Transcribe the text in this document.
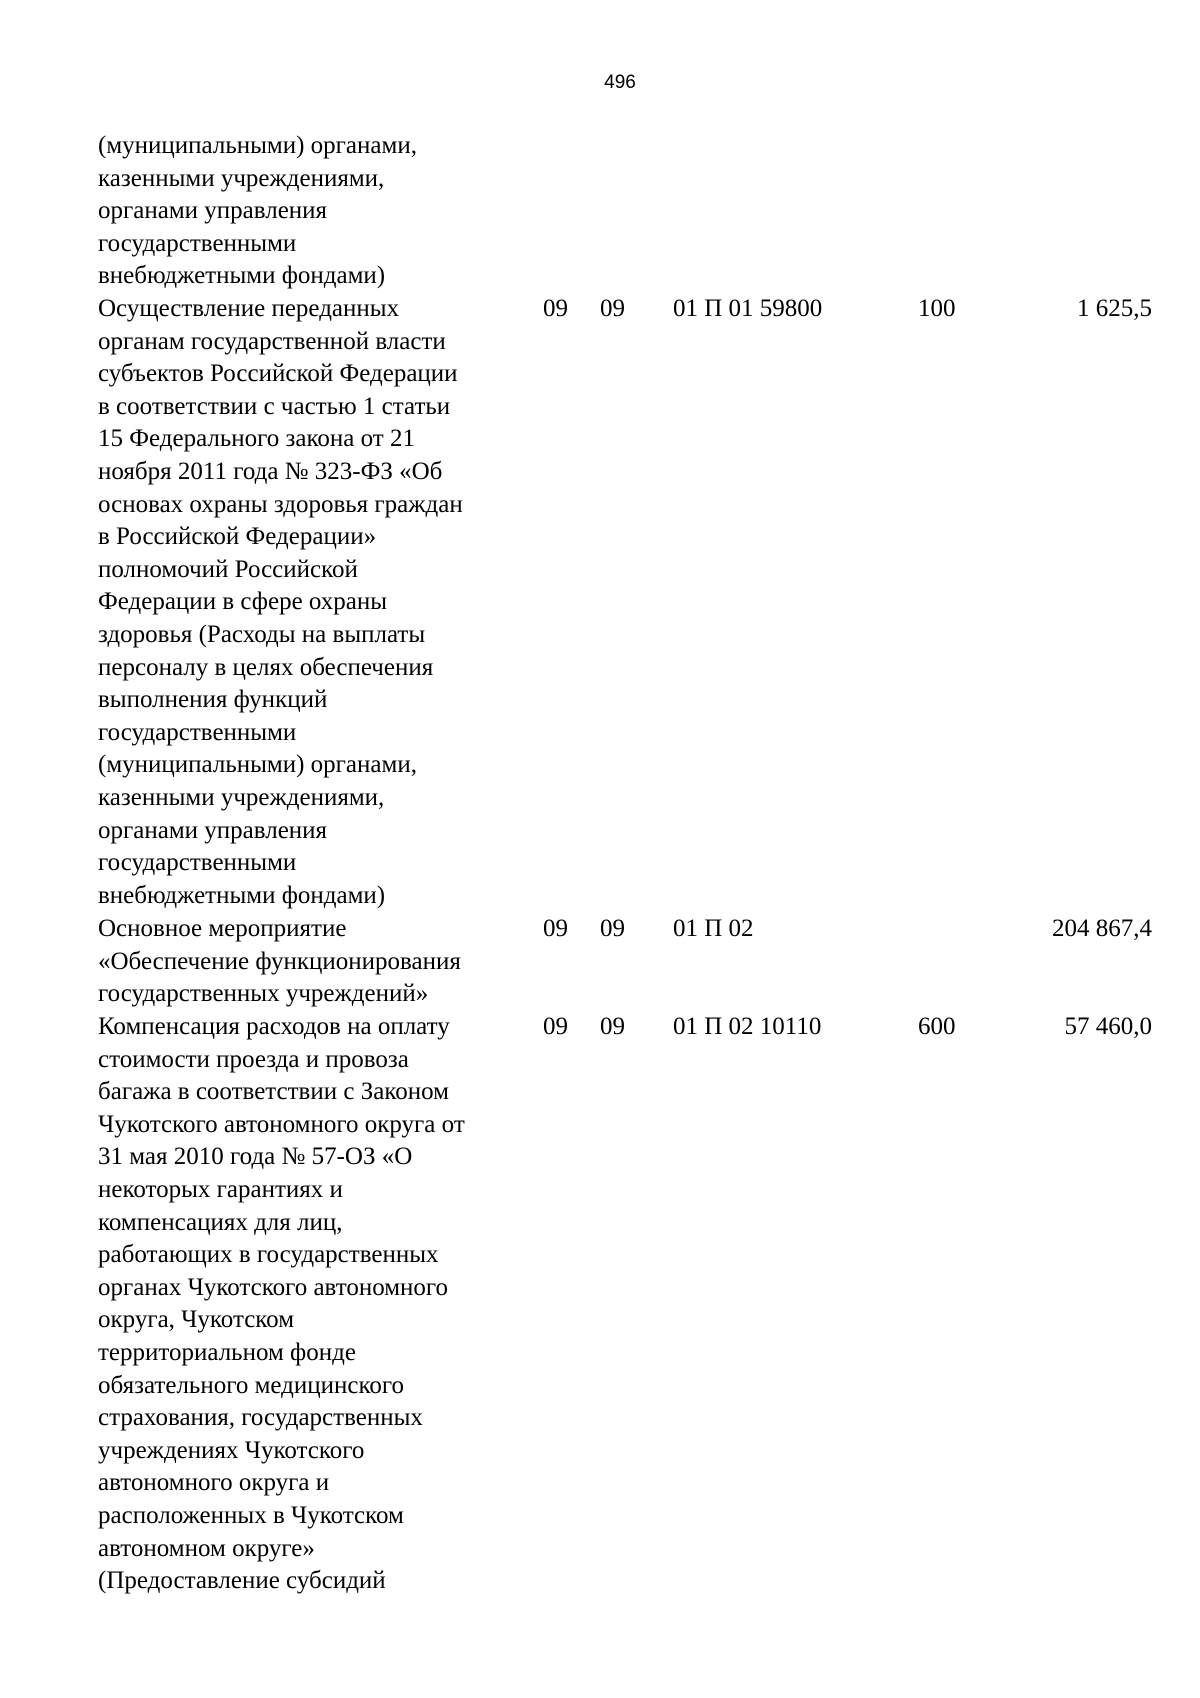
496
(муниципальными) органами,
казенными учреждениями,
органами управления
государственными
внебюджетными фондами)
Осуществление переданных
органам государственной власти
субъектов Российской Федерации
в соответствии с частью 1 статьи
15 Федерального закона от 21
ноября 2011 года № 323-ФЗ «Об
основах охраны здоровья граждан
в Российской Федерации»
полномочий Российской
Федерации в сфере охраны
здоровья (Расходы на выплаты
персоналу в целях обеспечения
выполнения функций
государственными
(муниципальными) органами,
казенными учреждениями,
органами управления
государственными
внебюджетными фондами)
09 09 01 П 01 59800	100	1 625,5
Основное мероприятие
«Обеспечение функционирования
государственных учреждений»
09 09 01 П 02	204 867,4
Компенсация расходов на оплату
стоимости проезда и провоза
багажа в соответствии с Законом
Чукотского автономного округа от
31 мая 2010 года № 57-ОЗ «О
некоторых гарантиях и
компенсациях для лиц,
работающих в государственных
органах Чукотского автономного
округа, Чукотском
территориальном фонде
обязательного медицинского
страхования, государственных
учреждениях Чукотского
автономного округа и
расположенных в Чукотском
автономном округе»
(Предоставление субсидий
09 09 01 П 02 10110	600	57 460,0
